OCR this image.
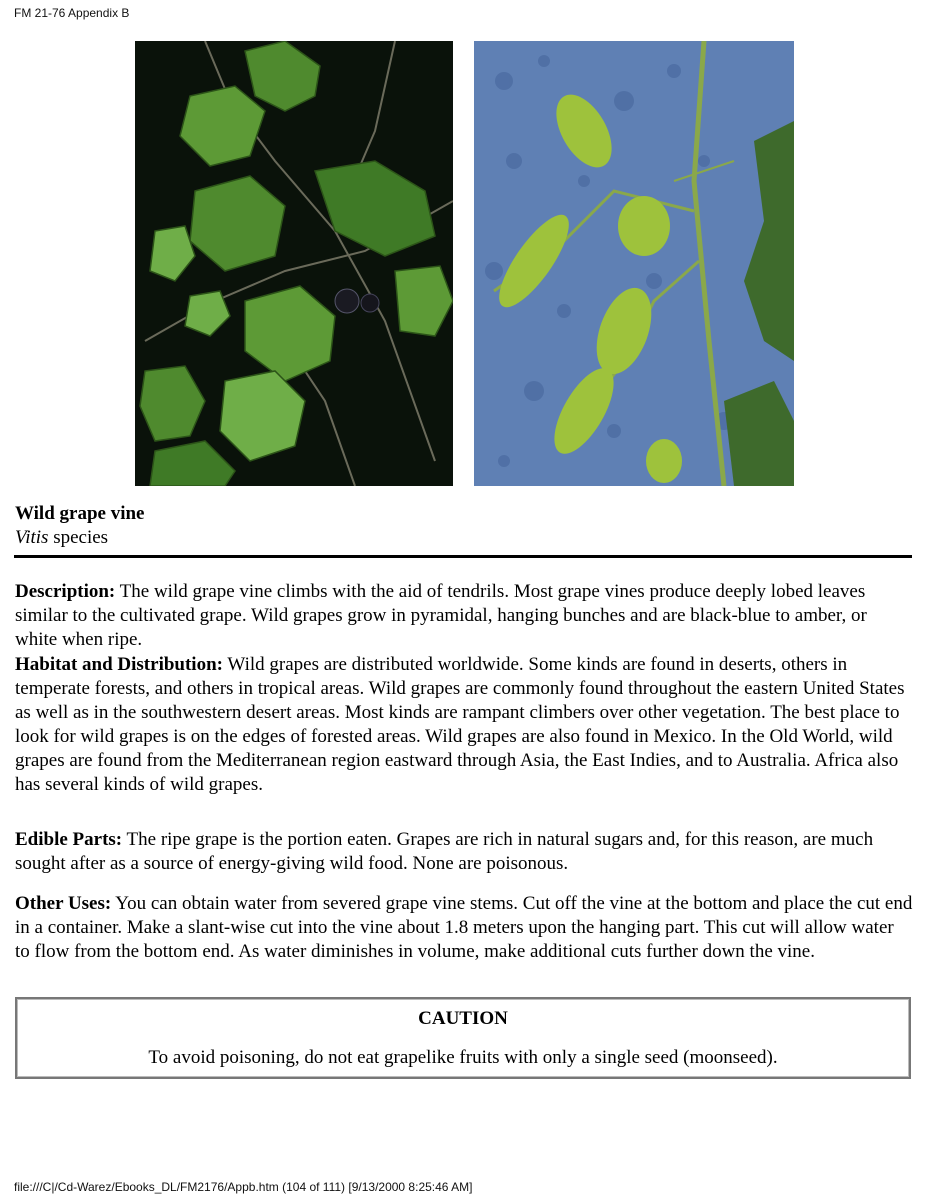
FM 21-76 Appendix B
Wild grape vine
Vitis species

Description: The wild grape vine climbs with the aid of tendrils. Most grape vines produce deeply lobed leaves similar to the cultivated grape. Wild grapes grow in pyramidal, hanging bunches and are black-blue to amber, or white when ripe.

Habitat and Distribution: Wild grapes are distributed worldwide. Some kinds are found in deserts, others in temperate forests, and others in tropical areas. Wild grapes are commonly found throughout the eastern United States as well as in the southwestern desert areas. Most kinds are rampant climbers over other vegetation. The best place to look for wild grapes is on the edges of forested areas. Wild grapes are also found in Mexico. In the Old World, wild grapes are found from the Mediterranean region eastward through Asia, the East Indies, and to Australia. Africa also has several kinds of wild grapes.

Edible Parts: The ripe grape is the portion eaten. Grapes are rich in natural sugars and, for this reason, are much sought after as a source of energy-giving wild food. None are poisonous.

Other Uses: You can obtain water from severed grape vine stems. Cut off the vine at the bottom and place the cut end in a container. Make a slant-wise cut into the vine about 1.8 meters upon the hanging part. This cut will allow water to flow from the bottom end. As water diminishes in volume, make additional cuts further down the vine.

CAUTION
To avoid poisoning, do not eat grapelike fruits with only a single seed (moonseed).
file:///C|/Cd-Warez/Ebooks_DL/FM2176/Appb.htm (104 of 111) [9/13/2000 8:25:46 AM]
